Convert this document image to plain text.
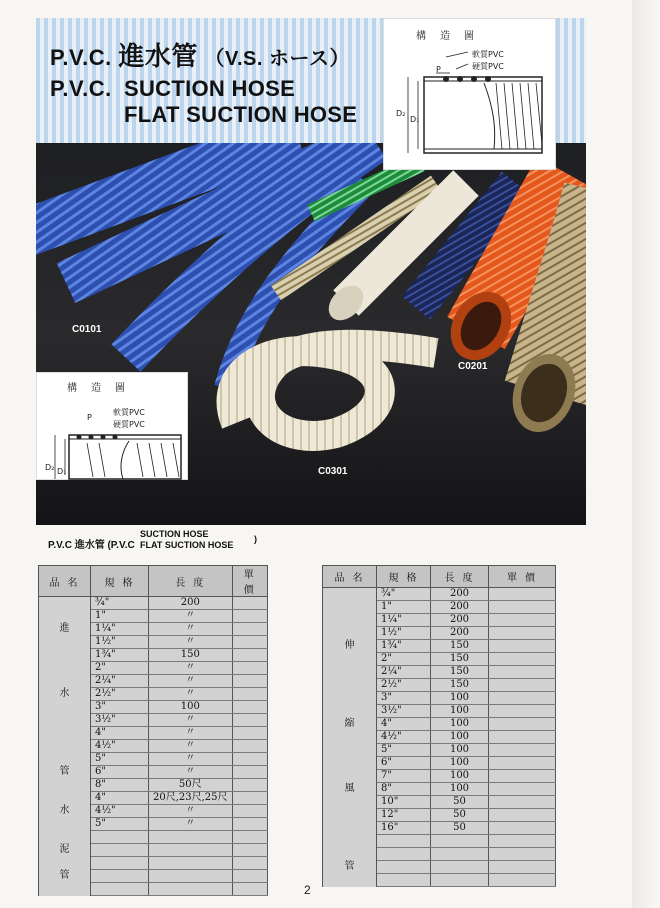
P.V.C. 進水管 （V.S. ホース）
P.V.C. SUCTION HOSE
FLAT SUCTION HOSE
C0101
C0201
C0301
構造圖
軟質PVC
硬質PVC
P
D₂
D₁
構造圖
軟質PVC
硬質PVC
P
D₂ D₁
P.V.C 進水管 (P.V.C
SUCTION HOSE
FLAT SUCTION HOSE
)
品名	規格	長度	單價
	¾"	200	
	1"	〃	
進	1¼"	〃	
	1½"	〃	
	1¾"	150	
	2"	〃	
	2¼"	〃	
水	2½"	〃	
	3"	100	
	3½"	〃	
	4"	〃	
	4½"	〃	
	5"	〃	
管	6"	〃	
	8"	50尺	
	4"	20尺,23尺,25尺	
水	4½"	〃	
	5"	〃	

泥			

管			

品名	規格	長度	單價
	¾"	200	
	1"	200	
	1¼"	200	
	1½"	200	
伸	1¾"	150	
	2"	150	
	2¼"	150	
	2½"	150	
	3"	100	
	3½"	100	
縮	4"	100	
	4½"	100	
	5"	100	
	6"	100	
	7"	100	
風	8"	100	
	10"	50	
	12"	50	
	16"	50	

管			

2
